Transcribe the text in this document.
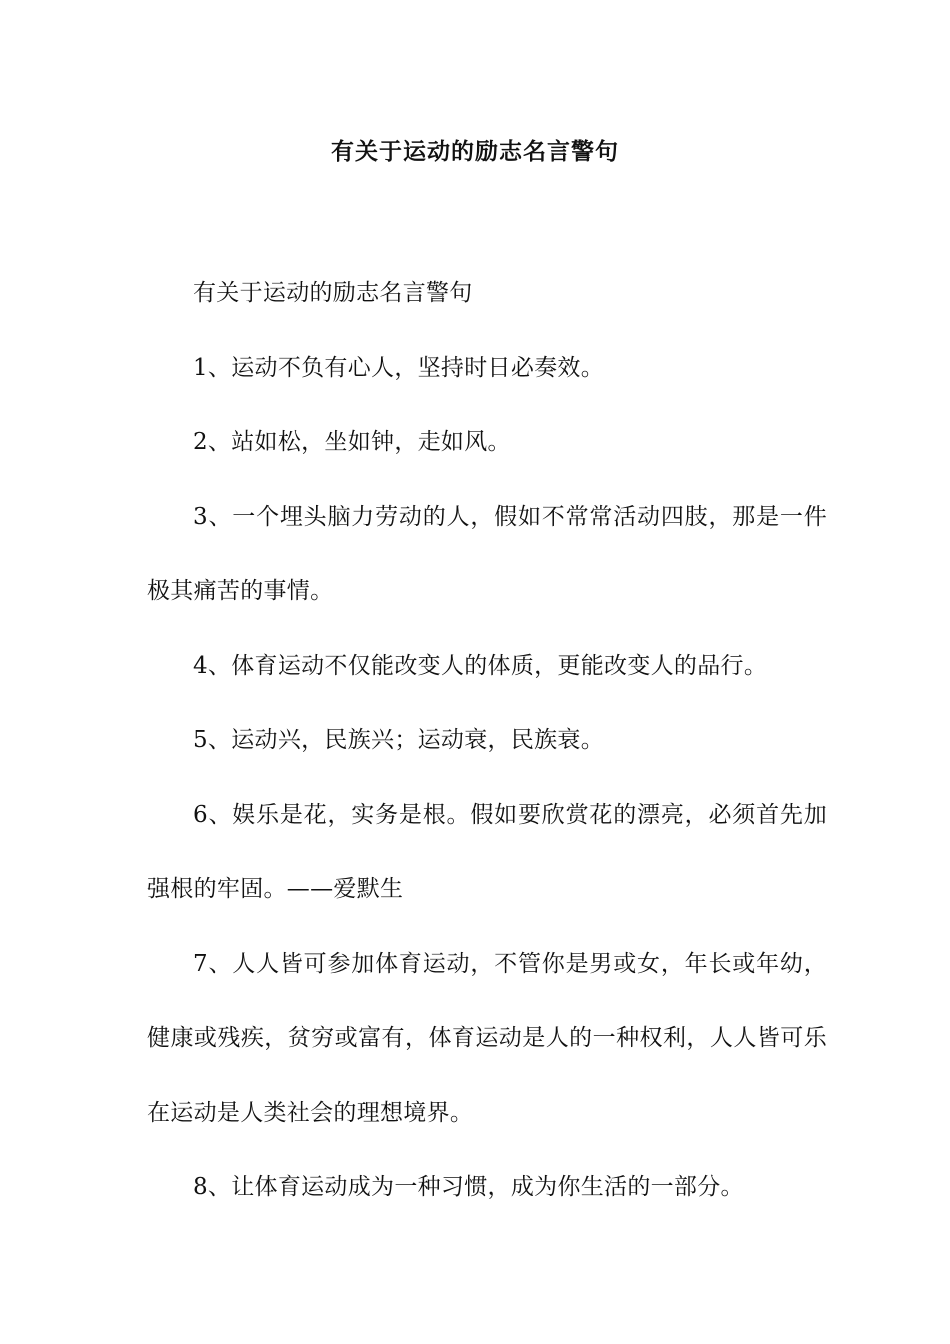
有关于运动的励志名言警句

有关于运动的励志名言警句

1、运动不负有心人，坚持时日必奏效。

2、站如松，坐如钟，走如风。

3、一个埋头脑力劳动的人，假如不常常活动四肢，那是一件极其痛苦的事情。

4、体育运动不仅能改变人的体质，更能改变人的品行。

5、运动兴，民族兴；运动衰，民族衰。

6、娱乐是花，实务是根。假如要欣赏花的漂亮，必须首先加强根的牢固。——爱默生

7、人人皆可参加体育运动，不管你是男或女，年长或年幼，健康或残疾，贫穷或富有，体育运动是人的一种权利，人人皆可乐在运动是人类社会的理想境界。

8、让体育运动成为一种习惯，成为你生活的一部分。
